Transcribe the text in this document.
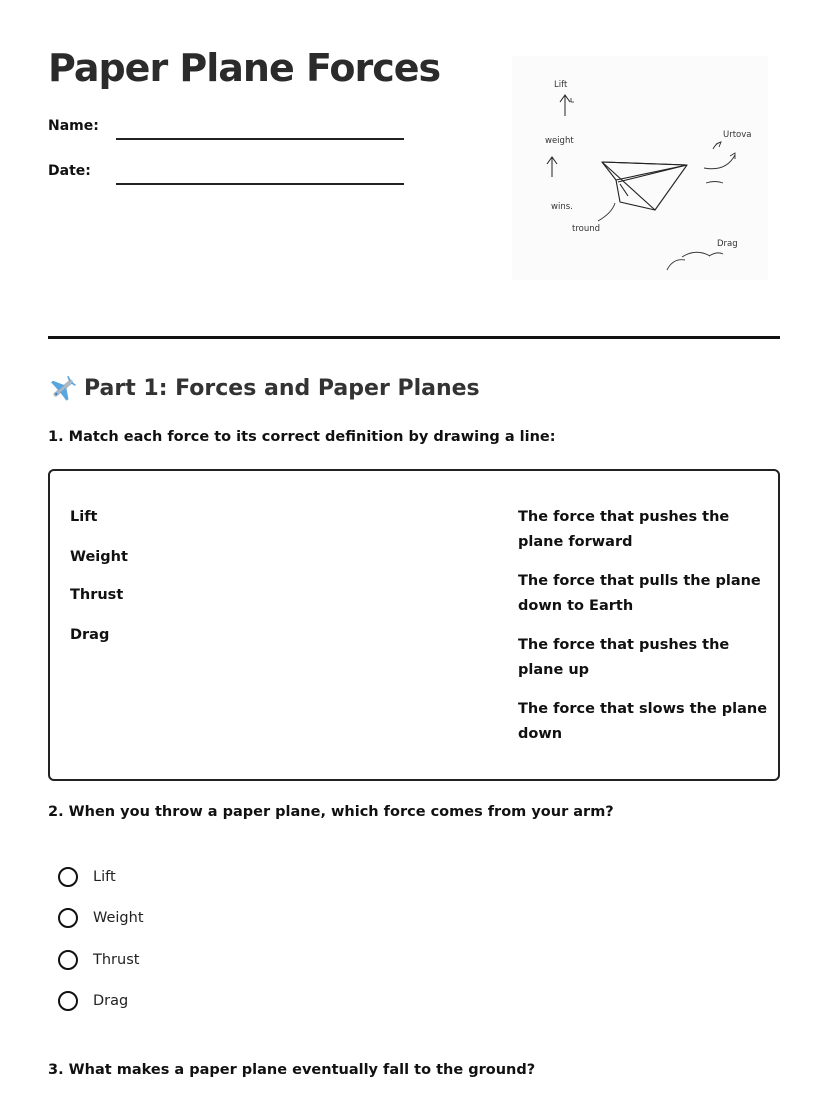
Paper Plane Forces
Name:
Date:
Lift
weight
Urtova
wins.
tround
Drag
Part 1: Forces and Paper Planes
1. Match each force to its correct definition by drawing a line:
Lift
Weight
Thrust
Drag
The force that pushes the plane forward
The force that pulls the plane down to Earth
The force that pushes the plane up
The force that slows the plane down
2. When you throw a paper plane, which force comes from your arm?
Lift
Weight
Thrust
Drag
3. What makes a paper plane eventually fall to the ground?
